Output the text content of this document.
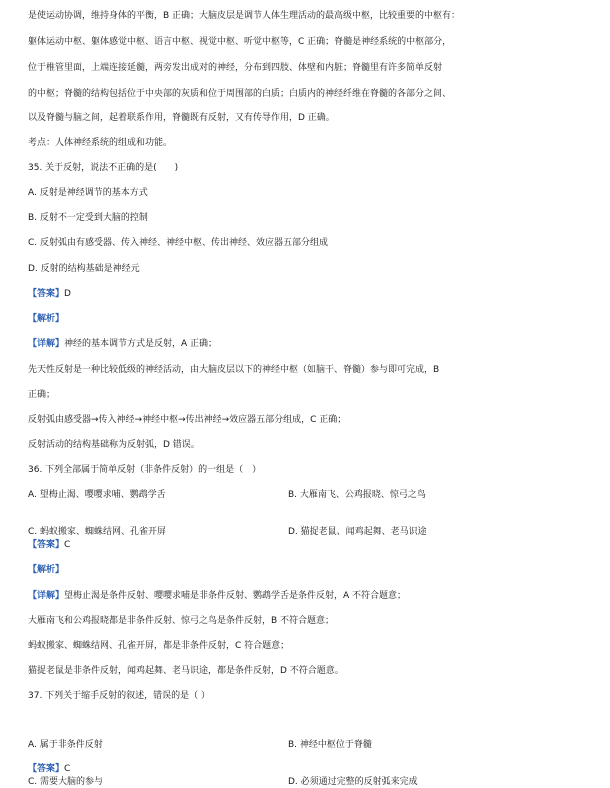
是使运动协调，维持身体的平衡，B 正确；大脑皮层是调节人体生理活动的最高级中枢，比较重要的中枢有：
躯体运动中枢、躯体感觉中枢、语言中枢、视觉中枢、听觉中枢等，C 正确；脊髓是神经系统的中枢部分，
位于椎管里面，上端连接延髓，两旁发出成对的神经，分布到四肢、体壁和内脏；脊髓里有许多简单反射
的中枢；脊髓的结构包括位于中央部的灰质和位于周围部的白质；白质内的神经纤维在脊髓的各部分之间、
以及脊髓与脑之间，起着联系作用，脊髓既有反射，又有传导作用，D 正确。
考点：人体神经系统的组成和功能。
35. 关于反射，说法不正确的是(　　)
A. 反射是神经调节的基本方式
B. 反射不一定受到大脑的控制
C. 反射弧由有感受器、传入神经、神经中枢、传出神经、效应器五部分组成
D. 反射的结构基础是神经元
【答案】D
【解析】
【详解】神经的基本调节方式是反射，A 正确；
先天性反射是一种比较低级的神经活动，由大脑皮层以下的神经中枢（如脑干、脊髓）参与即可完成，B
正确；
反射弧由感受器→传入神经→神经中枢→传出神经→效应器五部分组成，C 正确；
反射活动的结构基础称为反射弧，D 错误。
36. 下列全部属于简单反射（非条件反射）的一组是（　）
A. 望梅止渴、嘤嘤求哺、鹦鹉学舌	B. 大雁南飞、公鸡报晓、惊弓之鸟
C. 蚂蚁搬家、蜘蛛结网、孔雀开屏	D. 猫捉老鼠、闻鸡起舞、老马识途
【答案】C
【解析】
【详解】望梅止渴是条件反射、嘤嘤求哺是非条件反射、鹦鹉学舌是条件反射，A 不符合题意；
大雁南飞和公鸡报晓都是非条件反射、惊弓之鸟是条件反射，B 不符合题意；
蚂蚁搬家、蜘蛛结网、孔雀开屏，都是非条件反射，C 符合题意；
猫捉老鼠是非条件反射，闻鸡起舞、老马识途，都是条件反射，D 不符合题意。
37. 下列关于缩手反射的叙述，错误的是（ ）
A. 属于非条件反射	B. 神经中枢位于脊髓
C. 需要大脑的参与	D. 必须通过完整的反射弧来完成
【答案】C
